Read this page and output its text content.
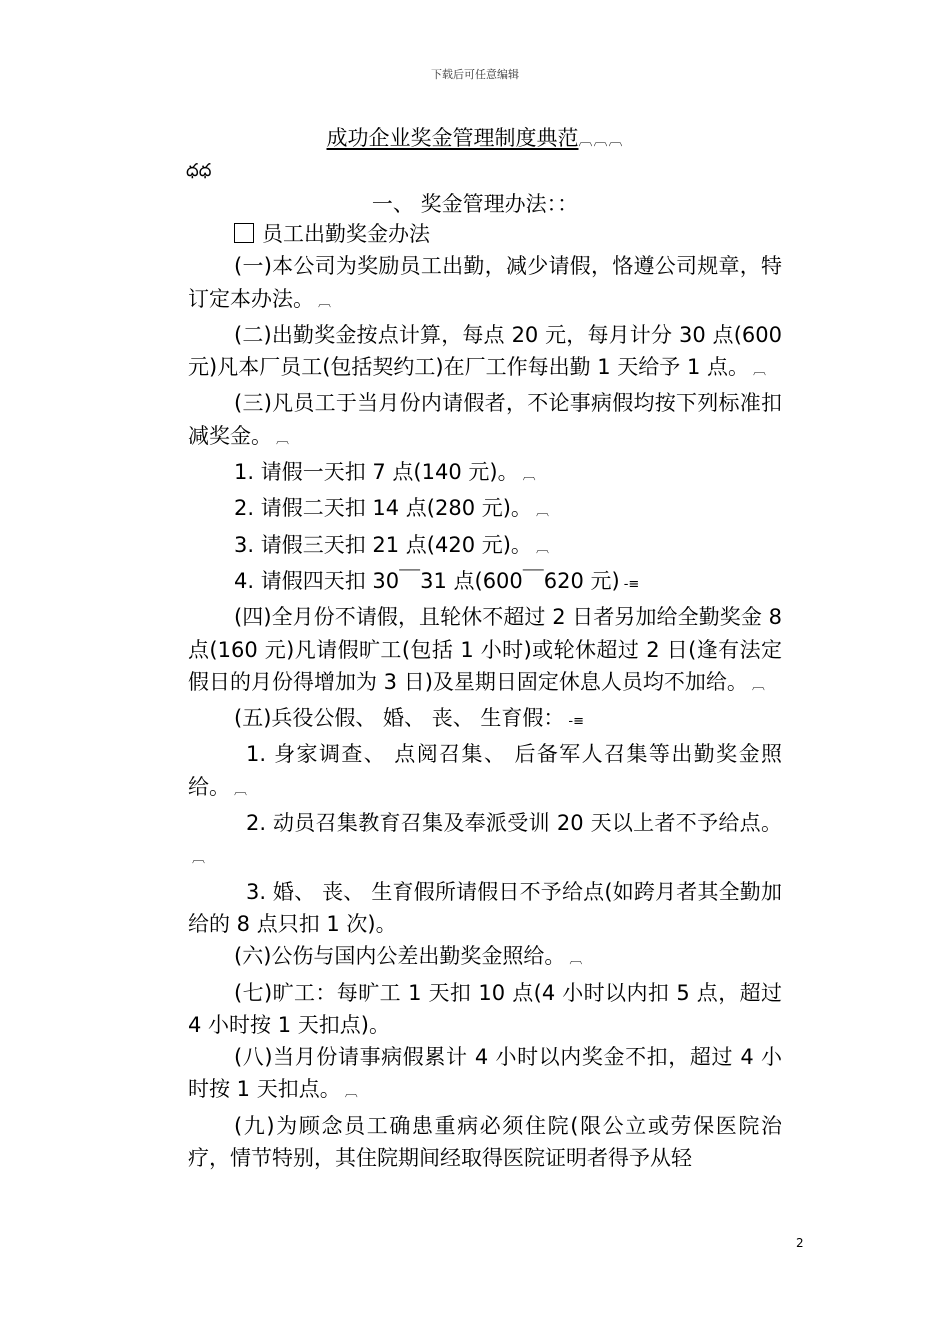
下载后可任意编辑
成功企业奖金管理制度典范︹︹︹
ధధ
一、 奖金管理办法：：

员工出勤奖金办法

(一)本公司为奖励员工出勤，减少请假，恪遵公司规章，特订定本办法。 ︹

(二)出勤奖金按点计算，每点 20 元，每月计分 30 点(600 元)凡本厂员工(包括契约工)在厂工作每出勤 1 天给予 1 点。 ︹

(三)凡员工于当月份内请假者，不论事病假均按下列标准扣减奖金。 ︹

1. 请假一天扣 7 点(140 元)。 ︹

2. 请假二天扣 14 点(280 元)。 ︹

3. 请假三天扣 21 点(420 元)。 ︹

4. 请假四天扣 30￣31 点(600￣620 元) -≡

(四)全月份不请假，且轮休不超过 2 日者另加给全勤奖金 8 点(160 元)凡请假旷工(包括 1 小时)或轮休超过 2 日(逢有法定假日的月份得增加为 3 日)及星期日固定休息人员均不加给。 ︹

(五)兵役公假、 婚、 丧、 生育假： -≡

1. 身家调查、 点阅召集、 后备军人召集等出勤奖金照给。 ︹

2. 动员召集教育召集及奉派受训 20 天以上者不予给点。︹

3. 婚、 丧、 生育假所请假日不予给点(如跨月者其全勤加给的 8 点只扣 1 次)。

(六)公伤与国内公差出勤奖金照给。 ︹

(七)旷工：每旷工 1 天扣 10 点(4 小时以内扣 5 点，超过 4 小时按 1 天扣点)。

(八)当月份请事病假累计 4 小时以内奖金不扣，超过 4 小时按 1 天扣点。 ︹

(九)为顾念员工确患重病必须住院(限公立或劳保医院治疗，情节特别，其住院期间经取得医院证明者得予从轻

2
